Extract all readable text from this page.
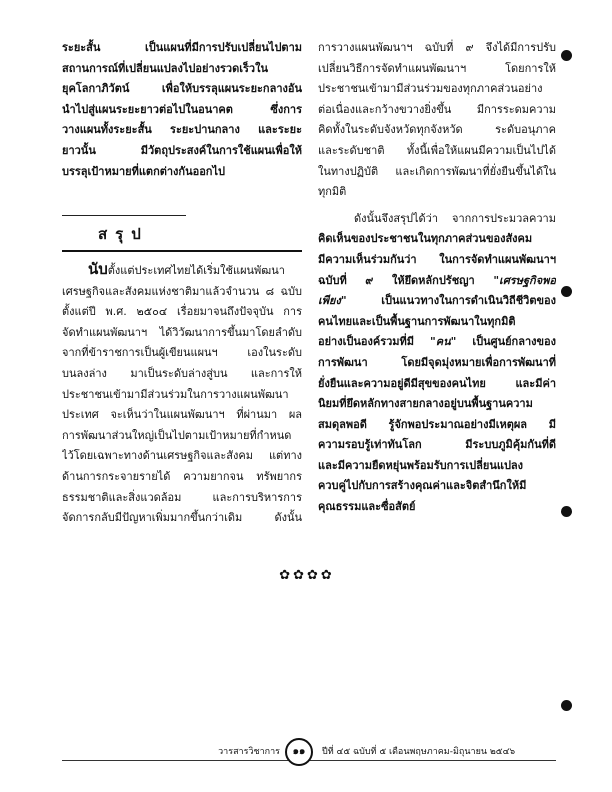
ระยะสั้น เป็นแผนที่มีการปรับเปลี่ยนไปตาม
สถานการณ์ที่เปลี่ยนแปลงไปอย่างรวดเร็วใน
ยุคโลกาภิวัตน์ เพื่อให้บรรลุแผนระยะกลางอัน
นำไปสู่แผนระยะยาวต่อไปในอนาคต ซึ่งการ
วางแผนทั้งระยะสั้น ระยะปานกลาง และระยะ
ยาวนั้น มีวัตถุประสงค์ในการใช้แผนเพื่อให้
บรรลุเป้าหมายที่แตกต่างกันออกไป
สรุป
นับตั้งแต่ประเทศไทยได้เริ่มใช้แผนพัฒนา
เศรษฐกิจและสังคมแห่งชาติมาแล้วจำนวน ๘ ฉบับ
ตั้งแต่ปี พ.ศ. ๒๕๐๔ เรื่อยมาจนถึงปัจจุบัน การ
จัดทำแผนพัฒนาฯ ได้วิวัฒนาการขึ้นมาโดยลำดับ
จากที่ข้าราชการเป็นผู้เขียนแผนฯ เองในระดับ
บนลงล่าง มาเป็นระดับล่างสู่บน และการให้
ประชาชนเข้ามามีส่วนร่วมในการวางแผนพัฒนา
ประเทศ จะเห็นว่าในแผนพัฒนาฯ ที่ผ่านมา ผล
การพัฒนาส่วนใหญ่เป็นไปตามเป้าหมายที่กำหนด
ไว้โดยเฉพาะทางด้านเศรษฐกิจและสังคม แต่ทาง
ด้านการกระจายรายได้ ความยากจน ทรัพยากร
ธรรมชาติและสิ่งแวดล้อม และการบริหารการ
จัดการกลับมีปัญหาเพิ่มมากขึ้นกว่าเดิม ดังนั้น
การวางแผนพัฒนาฯ ฉบับที่ ๙ จึงได้มีการปรับ
เปลี่ยนวิธีการจัดทำแผนพัฒนาฯ โดยการให้
ประชาชนเข้ามามีส่วนร่วมของทุกภาคส่วนอย่าง
ต่อเนื่องและกว้างขวางยิ่งขึ้น มีการระดมความ
คิดทั้งในระดับจังหวัดทุกจังหวัด ระดับอนุภาค
และระดับชาติ ทั้งนี้เพื่อให้แผนมีความเป็นไปได้
ในทางปฏิบัติ และเกิดการพัฒนาที่ยั่งยืนขึ้นได้ใน
ทุกมิติ
ดังนั้นจึงสรุปได้ว่า จากการประมวลความ
คิดเห็นของประชาชนในทุกภาคส่วนของสังคม
มีความเห็นร่วมกันว่า ในการจัดทำแผนพัฒนาฯ
ฉบับที่ ๙ ให้ยึดหลักปรัชญา "เศรษฐกิจพอ
เพียง" เป็นแนวทางในการดำเนินวิถีชีวิตของ
คนไทยและเป็นพื้นฐานการพัฒนาในทุกมิติ
อย่างเป็นองค์รวมที่มี "คน" เป็นศูนย์กลางของ
การพัฒนา โดยมีจุดมุ่งหมายเพื่อการพัฒนาที่
ยั่งยืนและความอยู่ดีมีสุขของคนไทย และมีค่า
นิยมที่ยึดหลักทางสายกลางอยู่บนพื้นฐานความ
สมดุลพอดี รู้จักพอประมาณอย่างมีเหตุผล มี
ความรอบรู้เท่าทันโลก มีระบบภูมิคุ้มกันที่ดี
และมีความยืดหยุ่นพร้อมรับการเปลี่ยนแปลง
ควบคู่ไปกับการสร้างคุณค่าและจิตสำนึกให้มี
คุณธรรมและซื่อสัตย์
✿✿✿✿
วารสารวิชาการ	๑๑	ปีที่ ๔๕ ฉบับที่ ๕ เดือนพฤษภาคม-มิถุนายน ๒๕๔๖
